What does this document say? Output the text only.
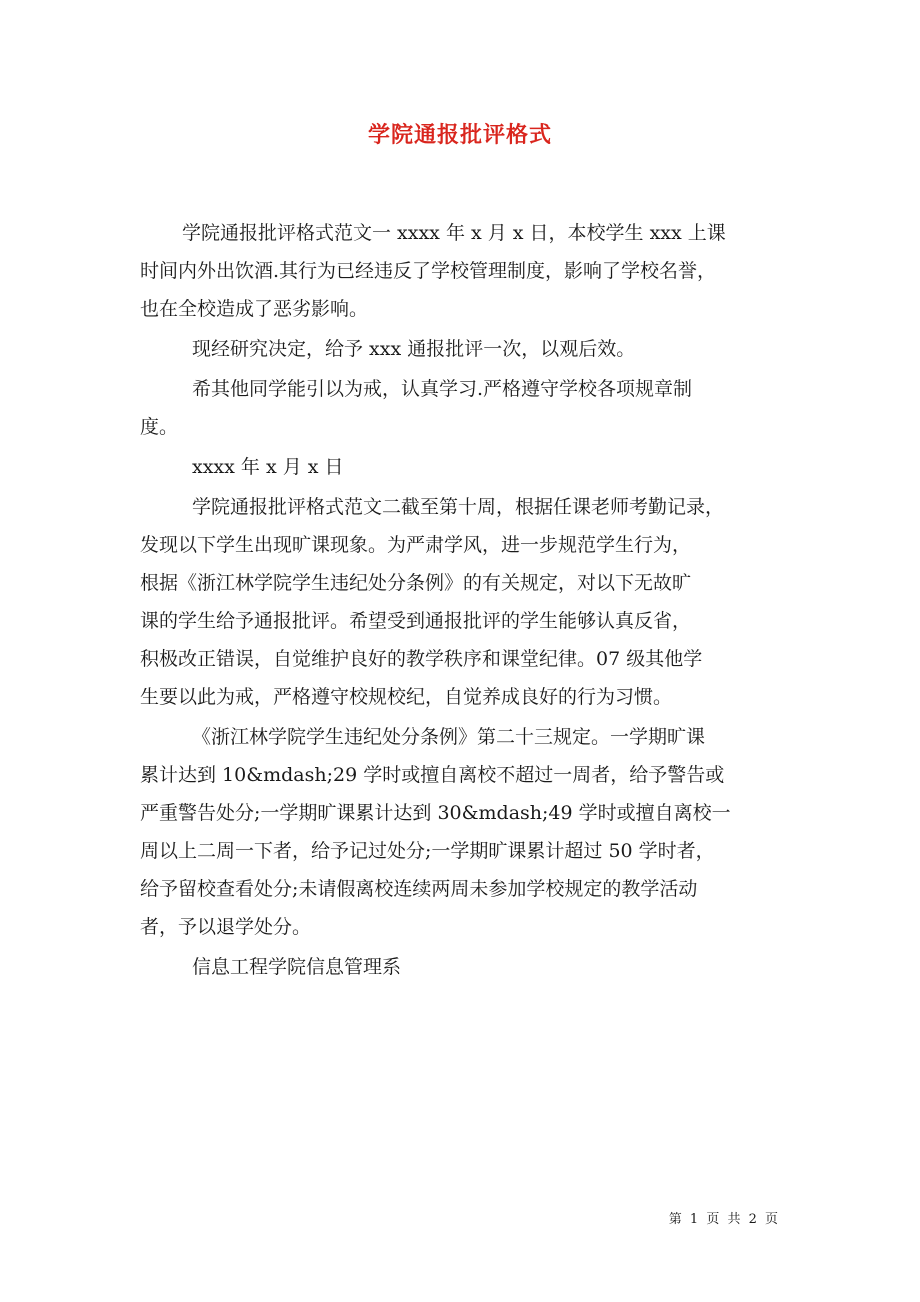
学院通报批评格式
学院通报批评格式范文一 xxxx 年 x 月 x 日，本校学生 xxx 上课
时间内外出饮酒.其行为已经违反了学校管理制度，影响了学校名誉，
也在全校造成了恶劣影响。
现经研究决定，给予 xxx 通报批评一次，以观后效。
希其他同学能引以为戒，认真学习.严格遵守学校各项规章制
度。
xxxx 年 x 月 x 日
学院通报批评格式范文二截至第十周，根据任课老师考勤记录，
发现以下学生出现旷课现象。为严肃学风，进一步规范学生行为，
根据《浙江林学院学生违纪处分条例》的有关规定，对以下无故旷
课的学生给予通报批评。希望受到通报批评的学生能够认真反省，
积极改正错误，自觉维护良好的教学秩序和课堂纪律。07 级其他学
生要以此为戒，严格遵守校规校纪，自觉养成良好的行为习惯。
《浙江林学院学生违纪处分条例》第二十三规定。一学期旷课
累计达到 10&mdash;29 学时或擅自离校不超过一周者，给予警告或
严重警告处分;一学期旷课累计达到 30&mdash;49 学时或擅自离校一
周以上二周一下者，给予记过处分;一学期旷课累计超过 50 学时者，
给予留校查看处分;未请假离校连续两周未参加学校规定的教学活动
者，予以退学处分。
信息工程学院信息管理系
第 1 页 共 2 页
